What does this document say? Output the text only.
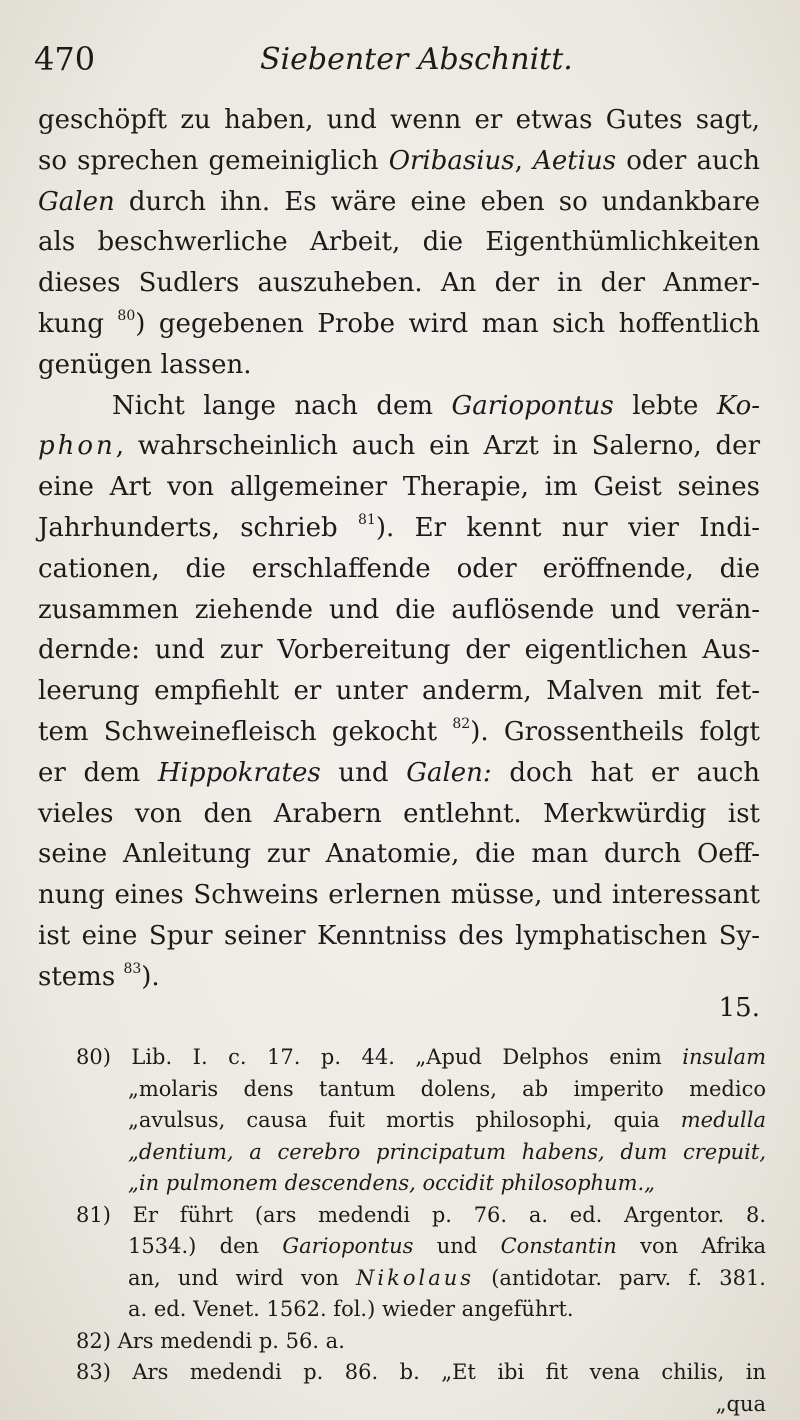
470	Siebenter Abschnitt.
geschöpft zu haben, und wenn er etwas Gutes sagt,
so sprechen gemeiniglich Oribasius, Aetius oder auch
Galen durch ihn. Es wäre eine eben so undankbare
als beschwerliche Arbeit, die Eigenthümlichkeiten
dieses Sudlers auszuheben. An der in der Anmer-
kung $^{80}$) gegebenen Probe wird man sich hoffentlich
genügen lassen.
Nicht lange nach dem Gariopontus lebte Ko-
phon, wahrscheinlich auch ein Arzt in Salerno, der
eine Art von allgemeiner Therapie, im Geist seines
Jahrhunderts, schrieb $^{81}$). Er kennt nur vier Indi-
cationen, die erschlaffende oder eröffnende, die
zusammen ziehende und die auflösende und verän-
dernde: und zur Vorbereitung der eigentlichen Aus-
leerung empfiehlt er unter anderm, Malven mit fet-
tem Schweinefleisch gekocht $^{82}$). Grossentheils folgt
er dem Hippokrates und Galen: doch hat er auch
vieles von den Arabern entlehnt. Merkwürdig ist
seine Anleitung zur Anatomie, die man durch Oeff-
nung eines Schweins erlernen müsse, und interessant
ist eine Spur seiner Kenntniss des lymphatischen Sy-
stems $^{83}$).
15.
80) Lib. I. c. 17. p. 44. „Apud Delphos enim insulam
„molaris dens tantum dolens, ab imperito medico
„avulsus, causa fuit mortis philosophi, quia medulla
„dentium, a cerebro principatum habens, dum crepuit,
„in pulmonem descendens, occidit philosophum.„
81) Er führt (ars medendi p. 76. a. ed. Argentor. 8.
1534.) den Gariopontus und Constantin von Afrika
an, und wird von Nikolaus (antidotar. parv. f. 381.
a. ed. Venet. 1562. fol.) wieder angeführt.
82) Ars medendi p. 56. a.
83) Ars medendi p. 86. b. „Et ibi fit vena chilis, in
„qua
